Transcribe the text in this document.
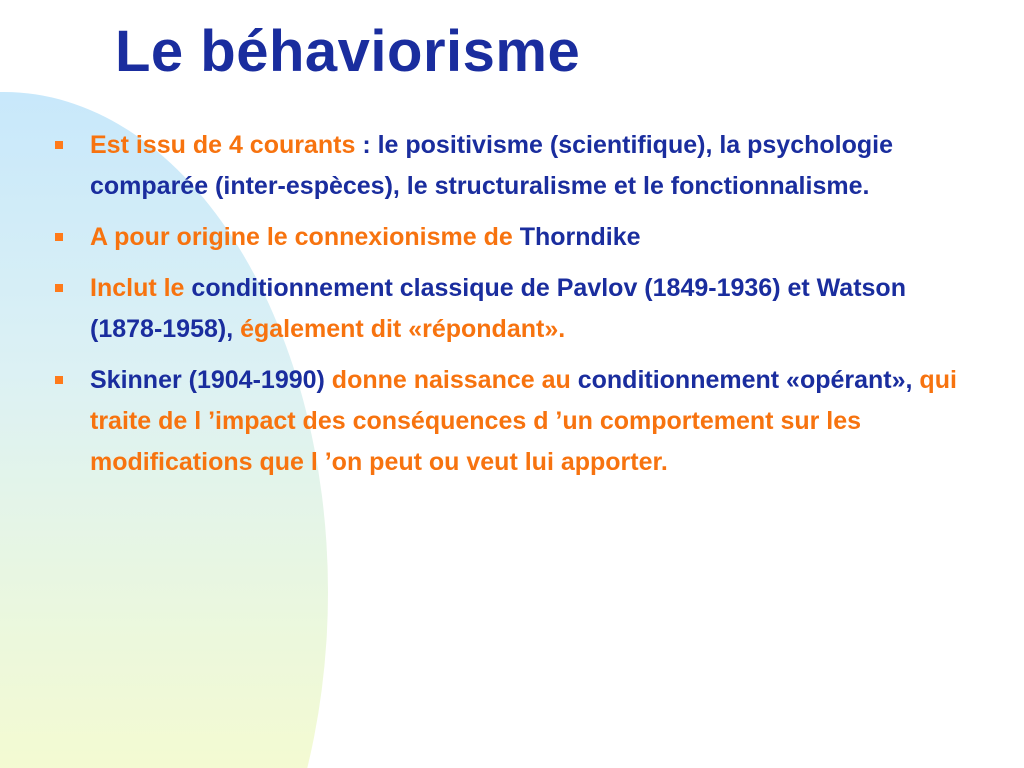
Le béhaviorisme
Est issu de 4 courants : le positivisme (scientifique), la psychologie comparée (inter-espèces), le structuralisme et le fonctionnalisme.
A pour origine le connexionisme de Thorndike
Inclut le conditionnement classique de Pavlov (1849-1936) et Watson (1878-1958), également dit «répondant».
Skinner (1904-1990) donne naissance au conditionnement «opérant», qui traite de l ’impact des conséquences d ’un comportement sur les modifications que l ’on peut ou veut lui apporter.
